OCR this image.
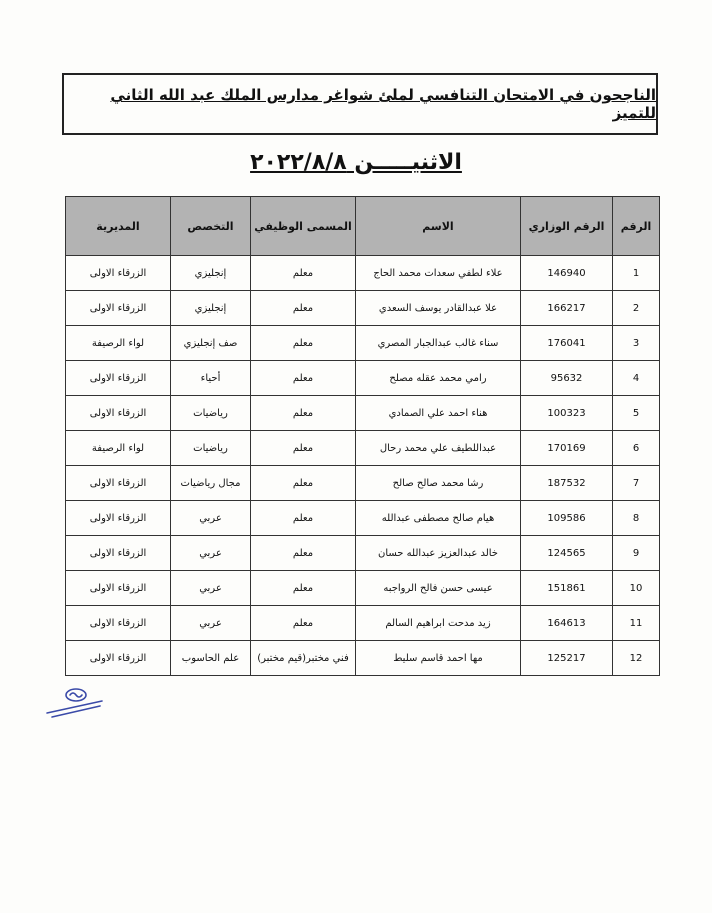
الناجحون في الامتحان التنافسي لملئ شواغر مدارس الملك عبد الله الثاني للتميز
الاثنيـــــن ٢٠٢٢/٨/٨
الرقم	الرقم الوزاري	الاسم	المسمى الوظيفي	التخصص	المديرية
1	146940	علاء لطفي سعدات محمد الحاج	معلم	إنجليزي	الزرقاء الاولى
2	166217	علا عبدالقادر يوسف السعدي	معلم	إنجليزي	الزرقاء الاولى
3	176041	سناء غالب عبدالجبار المصري	معلم	صف إنجليزي	لواء الرصيفة
4	95632	رامي محمد عقله مصلح	معلم	أحياء	الزرقاء الاولى
5	100323	هناء احمد علي الصمادي	معلم	رياضيات	الزرقاء الاولى
6	170169	عبداللطيف علي محمد رحال	معلم	رياضيات	لواء الرصيفة
7	187532	رشا محمد صالح صالح	معلم	مجال رياضيات	الزرقاء الاولى
8	109586	هيام صالح مصطفى عبدالله	معلم	عربي	الزرقاء الاولى
9	124565	خالد عبدالعزيز عبدالله حسان	معلم	عربي	الزرقاء الاولى
10	151861	عيسى حسن فالح الرواجبه	معلم	عربي	الزرقاء الاولى
11	164613	زيد مدحت ابراهيم السالم	معلم	عربي	الزرقاء الاولى
12	125217	مها احمد قاسم سليط	فني مختبر(قيم مختبر)	علم الحاسوب	الزرقاء الاولى
